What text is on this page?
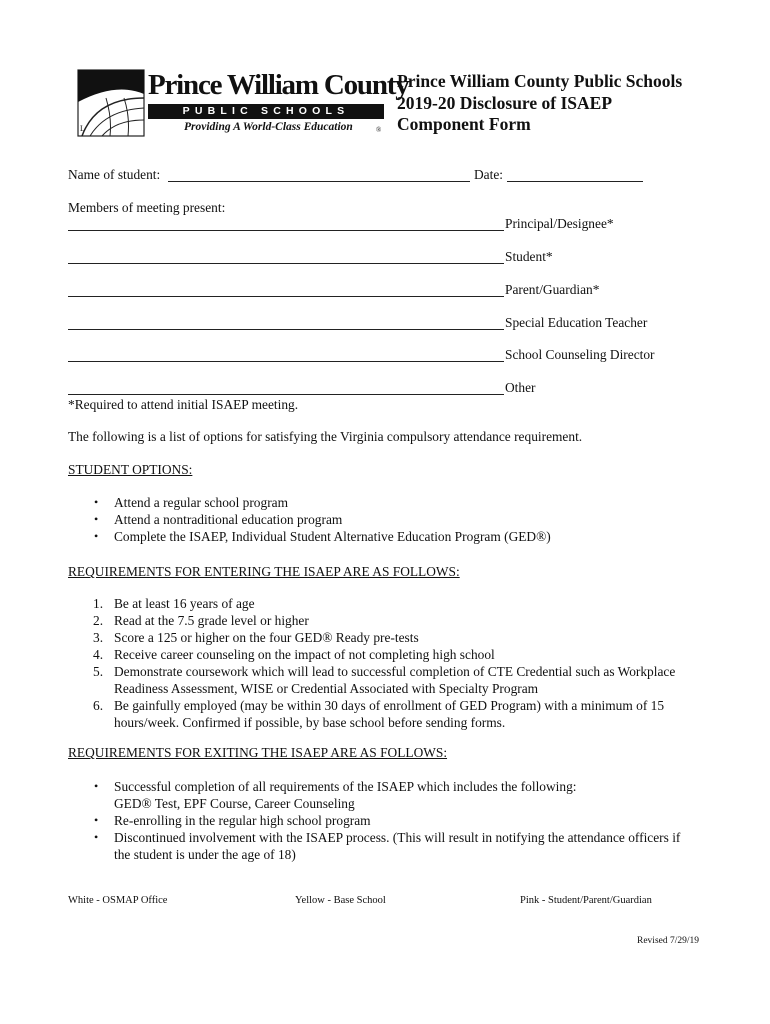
L
Prince William County
PUBLIC SCHOOLS
Providing A World-Class Education	®
Prince William County Public Schools
2019-20 Disclosure of ISAEP
Component Form
Name of student:	Date:
Members of meeting present:
Principal/Designee*
Student*
Parent/Guardian*
Special Education Teacher
School Counseling Director
Other
*Required to attend initial ISAEP meeting.
The following is a list of options for satisfying the Virginia compulsory attendance requirement.
STUDENT OPTIONS:
• Attend a regular school program
• Attend a nontraditional education program
• Complete the ISAEP, Individual Student Alternative Education Program (GED®)
REQUIREMENTS FOR ENTERING THE ISAEP ARE AS FOLLOWS:
1. Be at least 16 years of age
2. Read at the 7.5 grade level or higher
3. Score a 125 or higher on the four GED® Ready pre-tests
4. Receive career counseling on the impact of not completing high school
5. Demonstrate coursework which will lead to successful completion of CTE Credential such as Workplace
Readiness Assessment, WISE or Credential Associated with Specialty Program
6. Be gainfully employed (may be within 30 days of enrollment of GED Program) with a minimum of 15
hours/week. Confirmed if possible, by base school before sending forms.
REQUIREMENTS FOR EXITING THE ISAEP ARE AS FOLLOWS:
• Successful completion of all requirements of the ISAEP which includes the following:
GED® Test, EPF Course, Career Counseling
• Re-enrolling in the regular high school program
• Discontinued involvement with the ISAEP process. (This will result in notifying the attendance officers if
the student is under the age of 18)
White - OSMAP Office	Yellow - Base School	Pink - Student/Parent/Guardian
Revised 7/29/19
